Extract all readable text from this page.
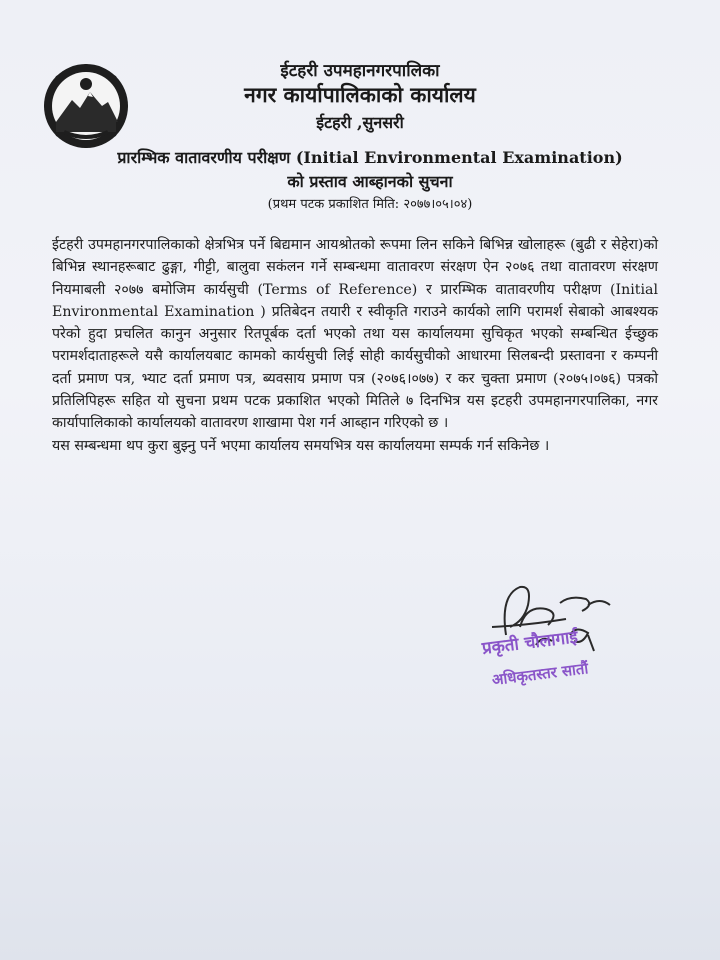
ईटहरी उपमहानगरपालिका
नगर कार्यापालिकाको कार्यालय
ईटहरी ,सुनसरी
प्रारम्भिक वातावरणीय परीक्षण (Initial Environmental Examination)
को प्रस्ताव आब्हानको सुचना
(प्रथम पटक प्रकाशित मिति: २०७७।०५।०४)

ईटहरी उपमहानगरपालिकाको क्षेत्रभित्र पर्ने बिद्यमान आयश्रोतको रूपमा लिन सकिने बिभिन्न खोलाहरू (बुढी र सेहेरा)को बिभिन्न स्थानहरूबाट ढुङ्गा, गीट्टी, बालुवा सकंलन गर्ने सम्बन्धमा वातावरण संरक्षण ऐन २०७६ तथा वातावरण संरक्षण नियमाबली २०७७ बमोजिम कार्यसुची (Terms of Reference) र प्रारम्भिक वातावरणीय परीक्षण (Initial Environmental Examination ) प्रतिबेदन तयारी र स्वीकृति गराउने कार्यको लागि परामर्श सेबाको आबश्यक परेको हुदा प्रचलित कानुन अनुसार रितपूर्बक दर्ता भएको तथा यस कार्यालयमा सुचिकृत भएको सम्बन्धित ईच्छुक परामर्शदाताहरूले यसै कार्यालयबाट कामको कार्यसुची लिई सोही कार्यसुचीको आधारमा सिलबन्दी प्रस्तावना र कम्पनी दर्ता प्रमाण पत्र, भ्याट दर्ता प्रमाण पत्र, ब्यवसाय प्रमाण पत्र (२०७६।०७७) र कर चुक्ता प्रमाण (२०७५।०७६) पत्रको प्रतिलिपिहरू सहित यो सुचना प्रथम पटक प्रकाशित भएको मितिले ७ दिनभित्र यस इटहरी उपमहानगरपालिका, नगर कार्यापालिकाको कार्यालयको वातावरण शाखामा पेश गर्न आब्हान गरिएको छ ।

यस सम्बन्धमा थप कुरा बुझ्नु पर्ने भएमा कार्यालय समयभित्र यस कार्यालयमा सम्पर्क गर्न सकिनेछ ।

प्रकृती चौलागाई
अधिकृतस्तर सातौं
